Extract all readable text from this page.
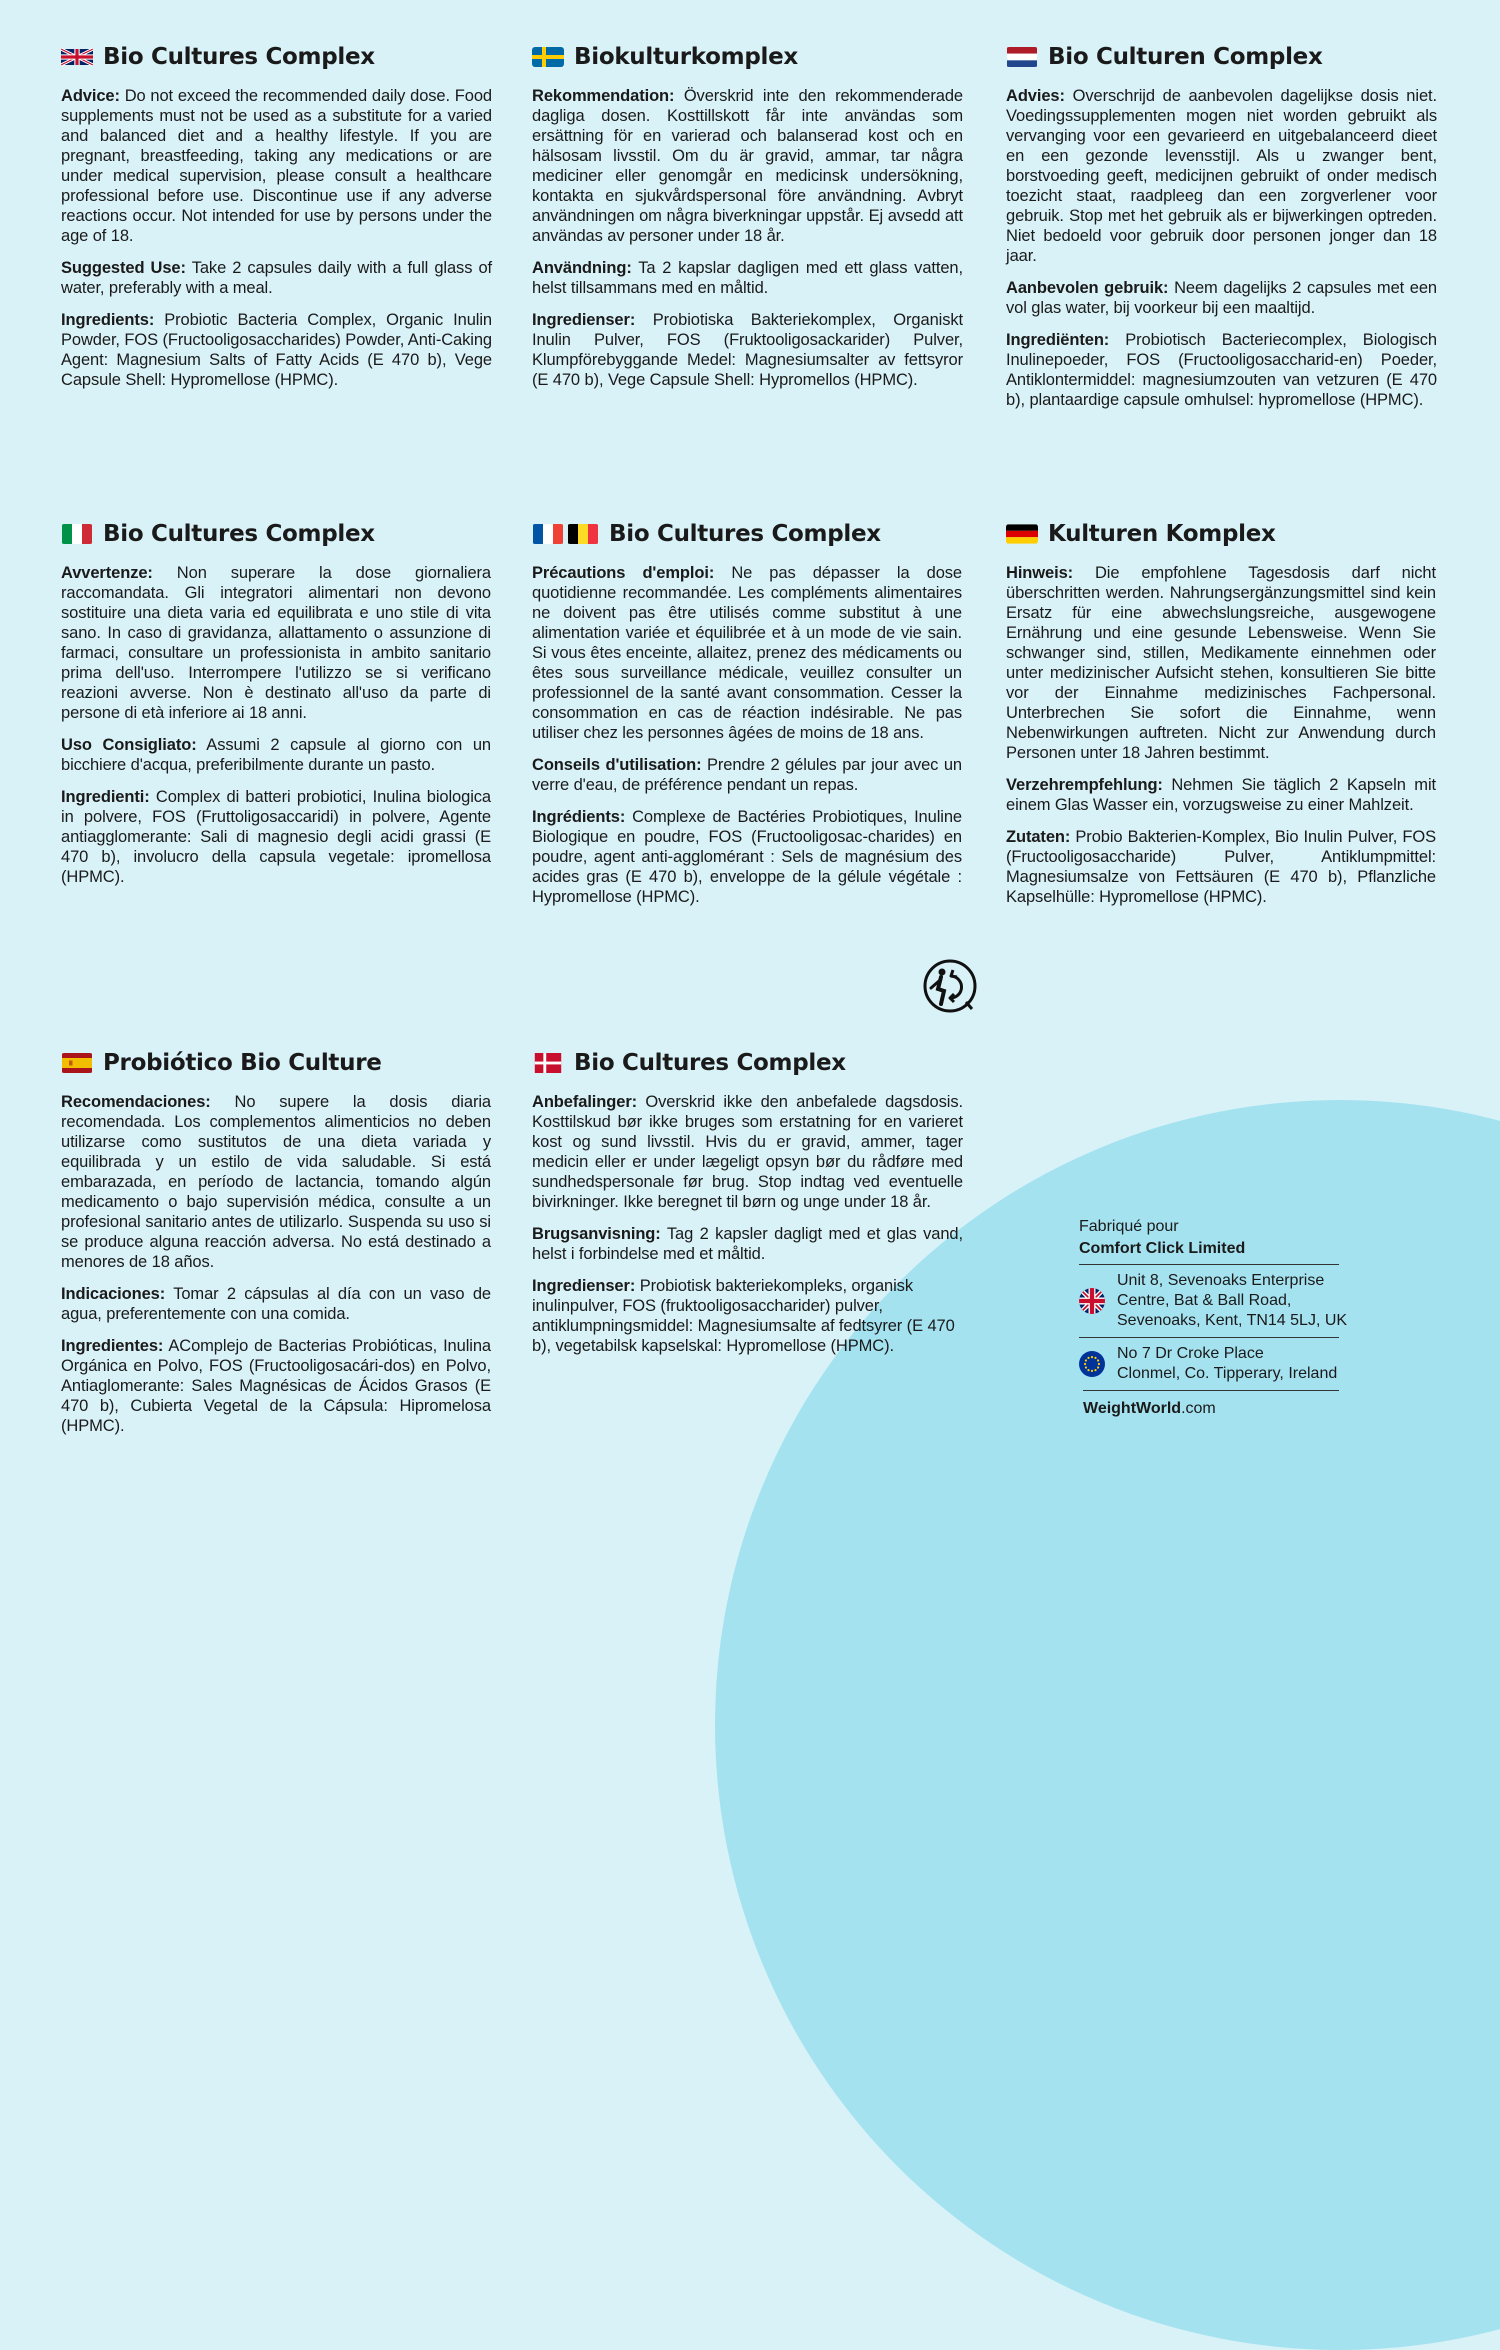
Bio Cultures Complex

Advice: Do not exceed the recommended daily dose. Food supplements must not be used as a substitute for a varied and balanced diet and a healthy lifestyle. If you are pregnant, breastfeeding, taking any medications or are under medical supervision, please consult a healthcare professional before use. Discontinue use if any adverse reactions occur. Not intended for use by persons under the age of 18.

Suggested Use: Take 2 capsules daily with a full glass of water, preferably with a meal.

Ingredients: Probiotic Bacteria Complex, Organic Inulin Powder, FOS (Fructooligosaccharides) Powder, Anti-Caking Agent: Magnesium Salts of Fatty Acids (E 470 b), Vege Capsule Shell: Hypromellose (HPMC).

Biokulturkomplex

Rekommendation: Överskrid inte den rekommenderade dagliga dosen. Kosttillskott får inte användas som ersättning för en varierad och balanserad kost och en hälsosam livsstil. Om du är gravid, ammar, tar några mediciner eller genomgår en medicinsk undersökning, kontakta en sjukvårdspersonal före användning. Avbryt användningen om några biverkningar uppstår. Ej avsedd att användas av personer under 18 år.

Användning: Ta 2 kapslar dagligen med ett glass vatten, helst tillsammans med en måltid.

Ingredienser: Probiotiska Bakteriekomplex, Organiskt Inulin Pulver, FOS (Fruktooligosackarider) Pulver, Klumpförebyggande Medel: Magnesiumsalter av fettsyror (E 470 b), Vege Capsule Shell: Hypromellos (HPMC).

Bio Culturen Complex

Advies: Overschrijd de aanbevolen dagelijkse dosis niet. Voedingssupplementen mogen niet worden gebruikt als vervanging voor een gevarieerd en uitgebalanceerd dieet en een gezonde levensstijl. Als u zwanger bent, borstvoeding geeft, medicijnen gebruikt of onder medisch toezicht staat, raadpleeg dan een zorgverlener voor gebruik. Stop met het gebruik als er bijwerkingen optreden. Niet bedoeld voor gebruik door personen jonger dan 18 jaar.

Aanbevolen gebruik: Neem dagelijks 2 capsules met een vol glas water, bij voorkeur bij een maaltijd.

Ingrediënten: Probiotisch Bacteriecomplex, Biologisch Inulinepoeder, FOS (Fructooligosaccharid-en) Poeder, Antiklontermiddel: magnesiumzouten van vetzuren (E 470 b), plantaardige capsule omhulsel: hypromellose (HPMC).

Bio Cultures Complex

Avvertenze: Non superare la dose giornaliera raccomandata. Gli integratori alimentari non devono sostituire una dieta varia ed equilibrata e uno stile di vita sano. In caso di gravidanza, allattamento o assunzione di farmaci, consultare un professionista in ambito sanitario prima dell'uso. Interrompere l'utilizzo se si verificano reazioni avverse. Non è destinato all'uso da parte di persone di età inferiore ai 18 anni.

Uso Consigliato: Assumi 2 capsule al giorno con un bicchiere d'acqua, preferibilmente durante un pasto.

Ingredienti: Complex di batteri probiotici, Inulina biologica in polvere, FOS (Fruttoligosaccaridi) in polvere, Agente antiagglomerante: Sali di magnesio degli acidi grassi (E 470 b), involucro della capsula vegetale: ipromellosa (HPMC).

Bio Cultures Complex

Précautions d'emploi: Ne pas dépasser la dose quotidienne recommandée. Les compléments alimentaires ne doivent pas être utilisés comme substitut à une alimentation variée et équilibrée et à un mode de vie sain. Si vous êtes enceinte, allaitez, prenez des médicaments ou êtes sous surveillance médicale, veuillez consulter un professionnel de la santé avant consommation. Cesser la consommation en cas de réaction indésirable. Ne pas utiliser chez les personnes âgées de moins de 18 ans.

Conseils d'utilisation: Prendre 2 gélules par jour avec un verre d'eau, de préférence pendant un repas.

Ingrédients: Complexe de Bactéries Probiotiques, Inuline Biologique en poudre, FOS (Fructooligosac-charides) en poudre, agent anti-agglomérant : Sels de magnésium des acides gras (E 470 b), enveloppe de la gélule végétale : Hypromellose (HPMC).

Kulturen Komplex

Hinweis: Die empfohlene Tagesdosis darf nicht überschritten werden. Nahrungsergänzungsmittel sind kein Ersatz für eine abwechslungsreiche, ausgewogene Ernährung und eine gesunde Lebensweise. Wenn Sie schwanger sind, stillen, Medikamente einnehmen oder unter medizinischer Aufsicht stehen, konsultieren Sie bitte vor der Einnahme medizinisches Fachpersonal. Unterbrechen Sie sofort die Einnahme, wenn Nebenwirkungen auftreten. Nicht zur Anwendung durch Personen unter 18 Jahren bestimmt.

Verzehrempfehlung: Nehmen Sie täglich 2 Kapseln mit einem Glas Wasser ein, vorzugsweise zu einer Mahlzeit.

Zutaten: Probio Bakterien-Komplex, Bio Inulin Pulver, FOS (Fructooligosaccharide) Pulver, Antiklumpmittel: Magnesiumsalze von Fettsäuren (E 470 b), Pflanzliche Kapselhülle: Hypromellose (HPMC).

Probiótico Bio Culture

Recomendaciones: No supere la dosis diaria recomendada. Los complementos alimenticios no deben utilizarse como sustitutos de una dieta variada y equilibrada y un estilo de vida saludable. Si está embarazada, en período de lactancia, tomando algún medicamento o bajo supervisión médica, consulte a un profesional sanitario antes de utilizarlo. Suspenda su uso si se produce alguna reacción adversa. No está destinado a menores de 18 años.

Indicaciones: Tomar 2 cápsulas al día con un vaso de agua, preferentemente con una comida.

Ingredientes: AComplejo de Bacterias Probióticas, Inulina Orgánica en Polvo, FOS (Fructooligosacári-dos) en Polvo, Antiaglomerante: Sales Magnésicas de Ácidos Grasos (E 470 b), Cubierta Vegetal de la Cápsula: Hipromelosa (HPMC).

Bio Cultures Complex

Anbefalinger: Overskrid ikke den anbefalede dagsdosis. Kosttilskud bør ikke bruges som erstatning for en varieret kost og sund livsstil. Hvis du er gravid, ammer, tager medicin eller er under lægeligt opsyn bør du rådføre med sundhedspersonale før brug. Stop indtag ved eventuelle bivirkninger. Ikke beregnet til børn og unge under 18 år.

Brugsanvisning: Tag 2 kapsler dagligt med et glas vand, helst i forbindelse med et måltid.

Ingredienser: Probiotisk bakteriekompleks, organisk inulinpulver, FOS (fruktooligosaccharider) pulver, antiklumpningsmiddel: Magnesiumsalte af fedtsyrer (E 470 b), vegetabilsk kapselskal: Hypromellose (HPMC).

Fabriqué pour
Comfort Click Limited
Unit 8, Sevenoaks Enterprise
Centre, Bat & Ball Road,
Sevenoaks, Kent, TN14 5LJ, UK
No 7 Dr Croke Place
Clonmel, Co. Tipperary, Ireland
WeightWorld.com
